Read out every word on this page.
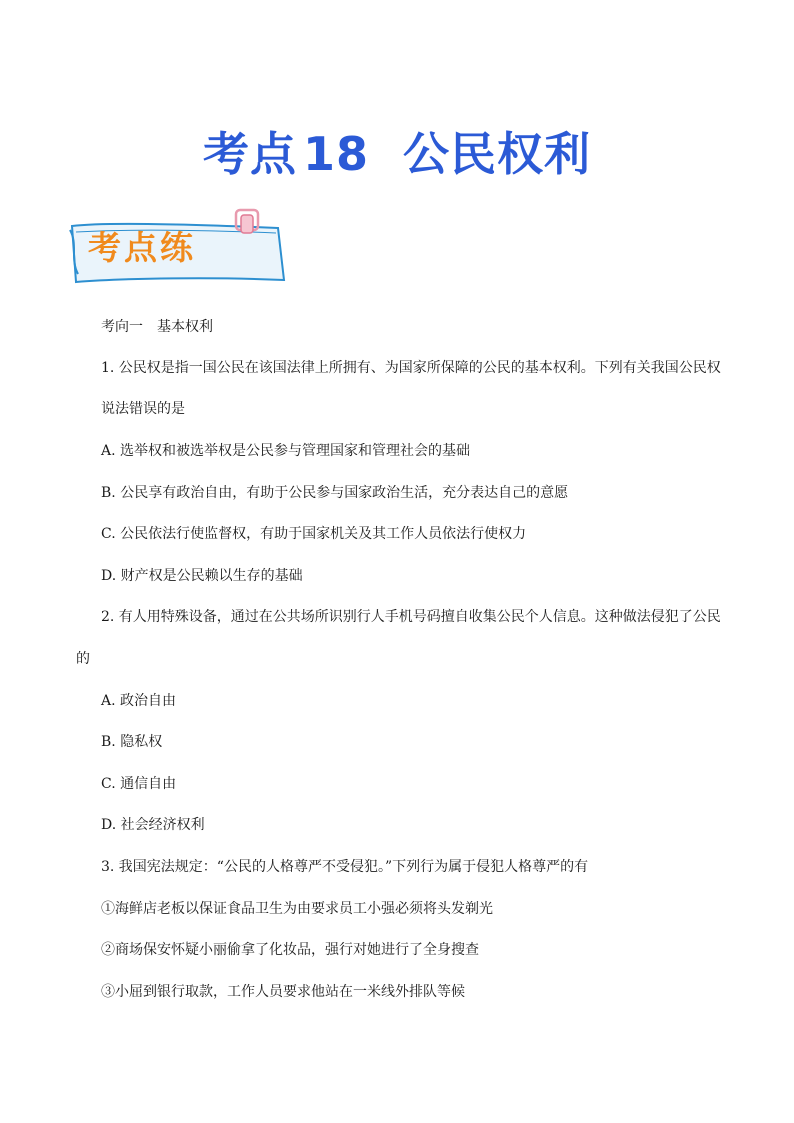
考点 18 公民权利
考点练
考向一　基本权利
1. 公民权是指一国公民在该国法律上所拥有、为国家所保障的公民的基本权利。下列有关我国公民权
说法错误的是
A. 选举权和被选举权是公民参与管理国家和管理社会的基础
B. 公民享有政治自由，有助于公民参与国家政治生活，充分表达自己的意愿
C. 公民依法行使监督权，有助于国家机关及其工作人员依法行使权力
D. 财产权是公民赖以生存的基础
2. 有人用特殊设备，通过在公共场所识别行人手机号码擅自收集公民个人信息。这种做法侵犯了公民
的
A. 政治自由
B. 隐私权
C. 通信自由
D. 社会经济权利
3. 我国宪法规定：“公民的人格尊严不受侵犯。”下列行为属于侵犯人格尊严的有
①海鲜店老板以保证食品卫生为由要求员工小强必须将头发剃光
②商场保安怀疑小丽偷拿了化妆品，强行对她进行了全身搜查
③小屈到银行取款，工作人员要求他站在一米线外排队等候
